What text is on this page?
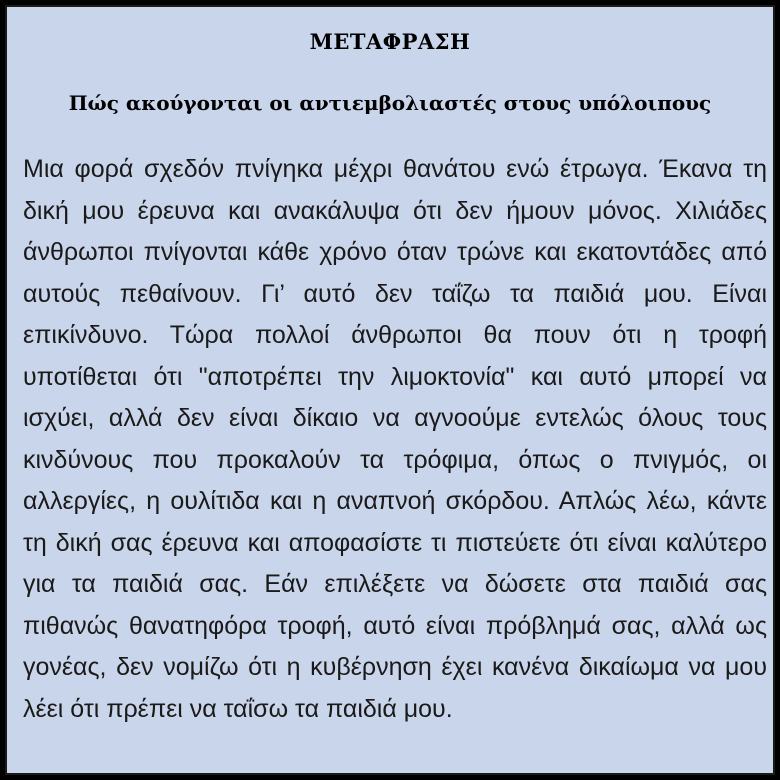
ΜΕΤΑΦΡΑΣΗ
Πώς ακούγονται οι αντιεμβολιαστές στους υπόλοιπους
Μια φορά σχεδόν πνίγηκα μέχρι θανάτου ενώ έτρωγα. Έκανα τη δική μου έρευνα και ανακάλυψα ότι δεν ήμουν μόνος. Χιλιάδες άνθρωποι πνίγονται κάθε χρόνο όταν τρώνε και εκατοντάδες από αυτούς πεθαίνουν. Γι’ αυτό δεν ταΐζω τα παιδιά μου. Είναι επικίνδυνο. Τώρα πολλοί άνθρωποι θα πουν ότι η τροφή υποτίθεται ότι "αποτρέπει την λιμοκτονία" και αυτό μπορεί να ισχύει, αλλά δεν είναι δίκαιο να αγνοούμε εντελώς όλους τους κινδύνους που προκαλούν τα τρόφιμα, όπως ο πνιγμός, οι αλλεργίες, η ουλίτιδα και η αναπνοή σκόρδου. Απλώς λέω, κάντε τη δική σας έρευνα και αποφασίστε τι πιστεύετε ότι είναι καλύτερο για τα παιδιά σας. Εάν επιλέξετε να δώσετε στα παιδιά σας πιθανώς θανατηφόρα τροφή, αυτό είναι πρόβλημά σας, αλλά ως γονέας, δεν νομίζω ότι η κυβέρνηση έχει κανένα δικαίωμα να μου λέει ότι πρέπει να ταΐσω τα παιδιά μου.
